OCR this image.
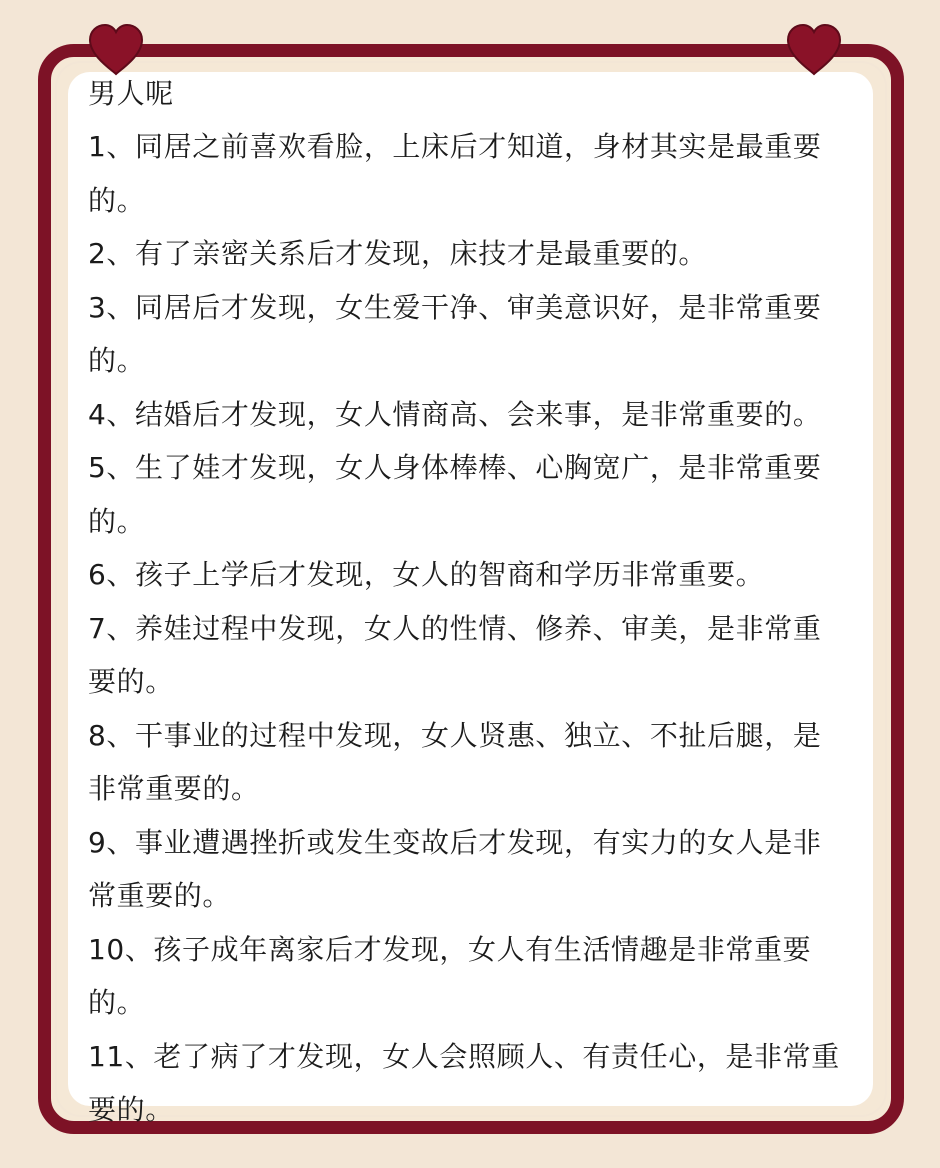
男人呢
1、同居之前喜欢看脸，上床后才知道，身材其实是最重要
的。
2、有了亲密关系后才发现，床技才是最重要的。
3、同居后才发现，女生爱干净、审美意识好，是非常重要
的。
4、结婚后才发现，女人情商高、会来事，是非常重要的。
5、生了娃才发现，女人身体棒棒、心胸宽广，是非常重要
的。
6、孩子上学后才发现，女人的智商和学历非常重要。
7、养娃过程中发现，女人的性情、修养、审美，是非常重
要的。
8、干事业的过程中发现，女人贤惠、独立、不扯后腿，是
非常重要的。
9、事业遭遇挫折或发生变故后才发现，有实力的女人是非
常重要的。
10、孩子成年离家后才发现，女人有生活情趣是非常重要
的。
11、老了病了才发现，女人会照顾人、有责任心，是非常重
要的。
